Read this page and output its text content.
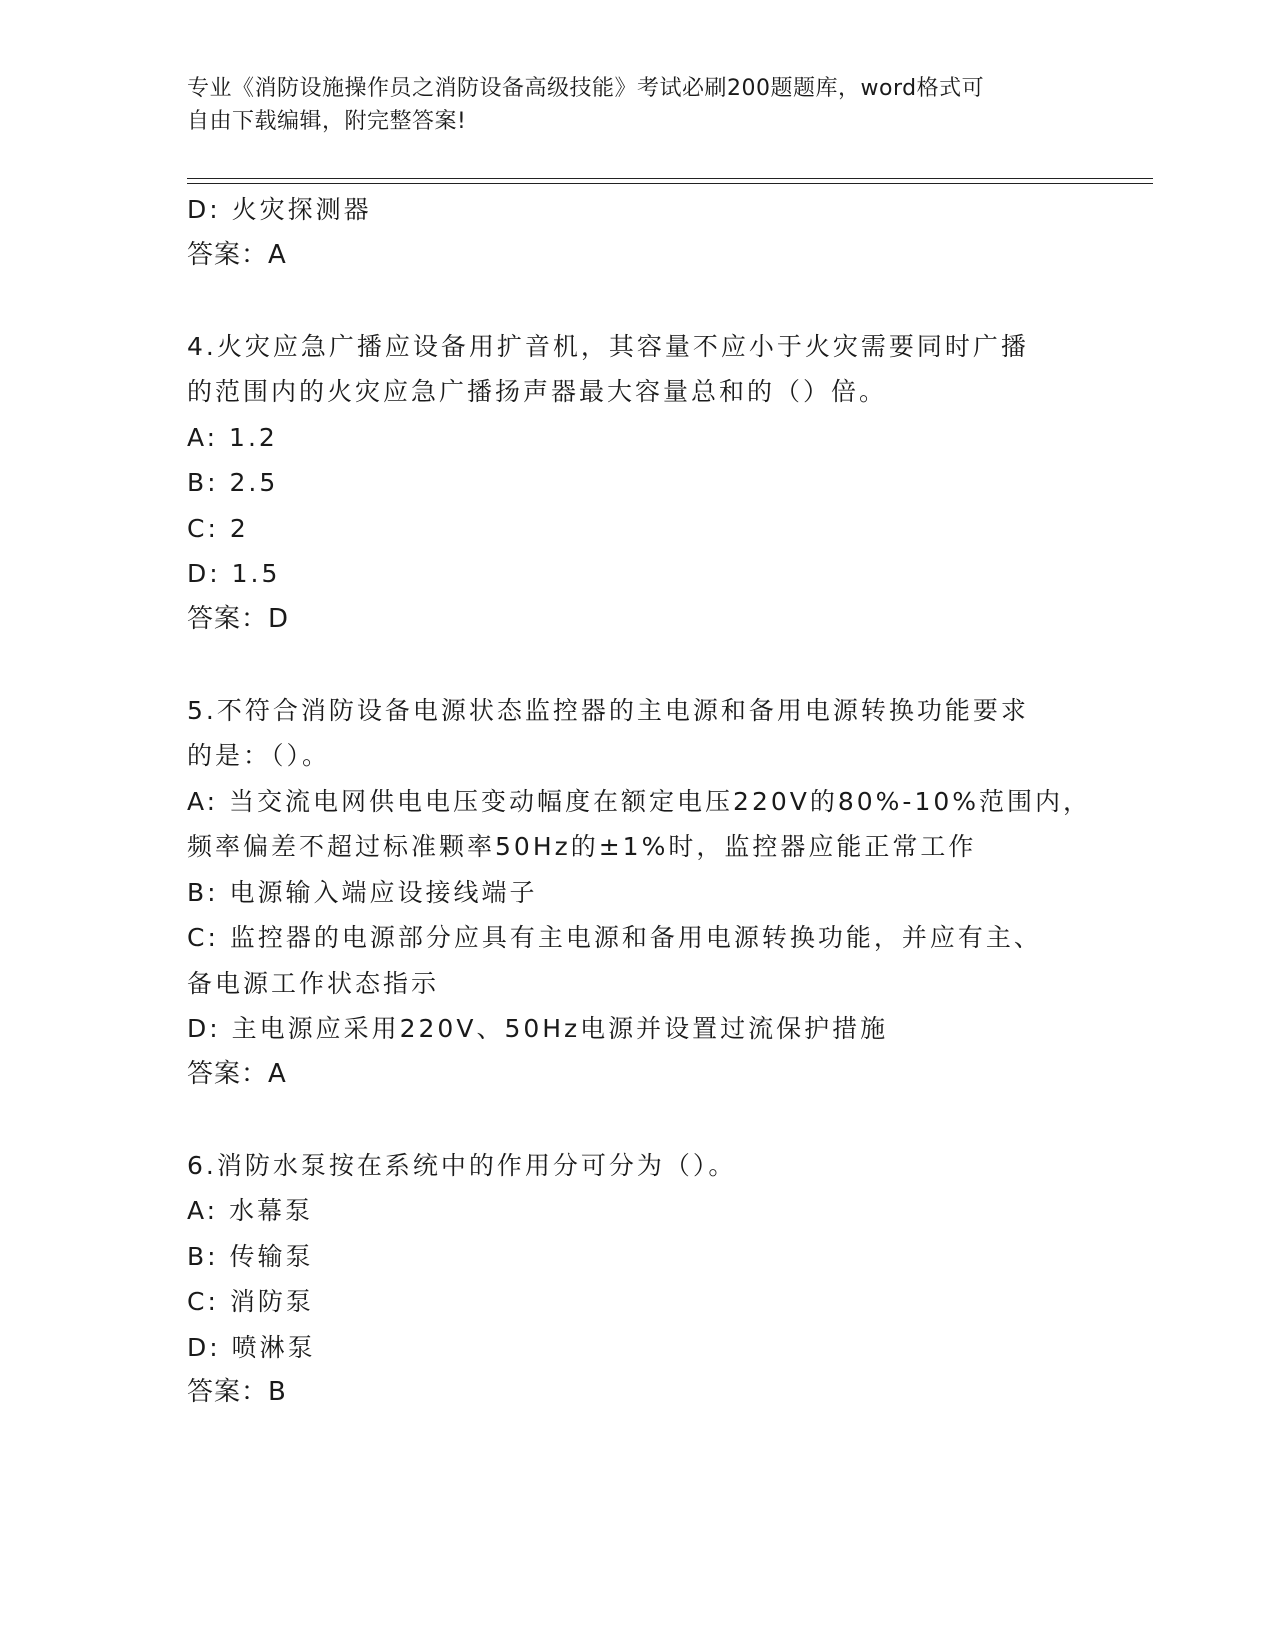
专业《消防设施操作员之消防设备高级技能》考试必刷200题题库，word格式可
自由下载编辑，附完整答案!
D: 火灾探测器
答案：A
4.火灾应急广播应设备用扩音机，其容量不应小于火灾需要同时广播
的范围内的火灾应急广播扬声器最大容量总和的（）倍。
A: 1.2
B: 2.5
C: 2
D: 1.5
答案：D
5.不符合消防设备电源状态监控器的主电源和备用电源转换功能要求
的是：（）。
A: 当交流电网供电电压变动幅度在额定电压220V的80%-10%范围内，
频率偏差不超过标准颗率50Hz的±1%时，监控器应能正常工作
B: 电源输入端应设接线端子
C: 监控器的电源部分应具有主电源和备用电源转换功能，并应有主、
备电源工作状态指示
D: 主电源应采用220V、50Hz电源并设置过流保护措施
答案：A
6.消防水泵按在系统中的作用分可分为（）。
A: 水幕泵
B: 传输泵
C: 消防泵
D: 喷淋泵
答案：B
